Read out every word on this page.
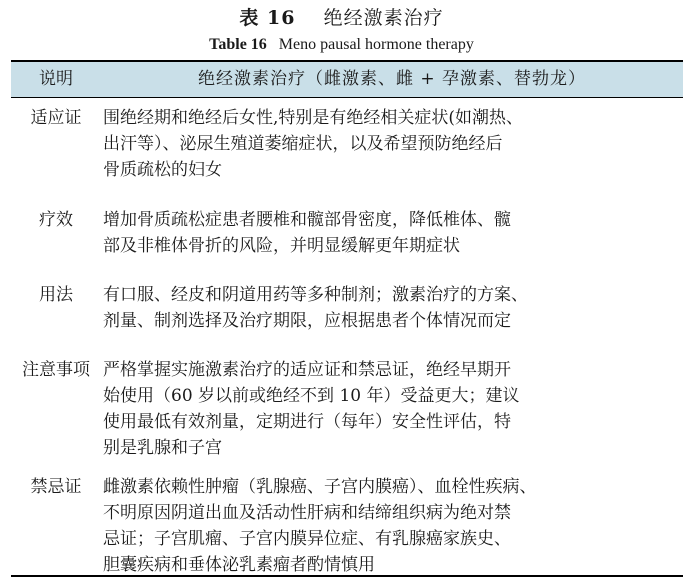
表 16 绝经激素治疗
Table 16 Meno pausal hormone therapy
说明	绝经激素治疗（雌激素、雌 + 孕激素、替勃龙）
适应证	围绝经期和绝经后女性,特别是有绝经相关症状(如潮热、
出汗等）、泌尿生殖道萎缩症状，以及希望预防绝经后
骨质疏松的妇女
疗效	增加骨质疏松症患者腰椎和髋部骨密度，降低椎体、髋
部及非椎体骨折的风险，并明显缓解更年期症状
用法	有口服、经皮和阴道用药等多种制剂；激素治疗的方案、
剂量、制剂选择及治疗期限，应根据患者个体情况而定
注意事项 严格掌握实施激素治疗的适应证和禁忌证，绝经早期开
始使用（60 岁以前或绝经不到 10 年）受益更大；建议
使用最低有效剂量，定期进行（每年）安全性评估，特
别是乳腺和子宫
禁忌证	雌激素依赖性肿瘤（乳腺癌、子宫内膜癌）、血栓性疾病、
不明原因阴道出血及活动性肝病和结缔组织病为绝对禁
忌证；子宫肌瘤、子宫内膜异位症、有乳腺癌家族史、
胆囊疾病和垂体泌乳素瘤者酌情慎用
